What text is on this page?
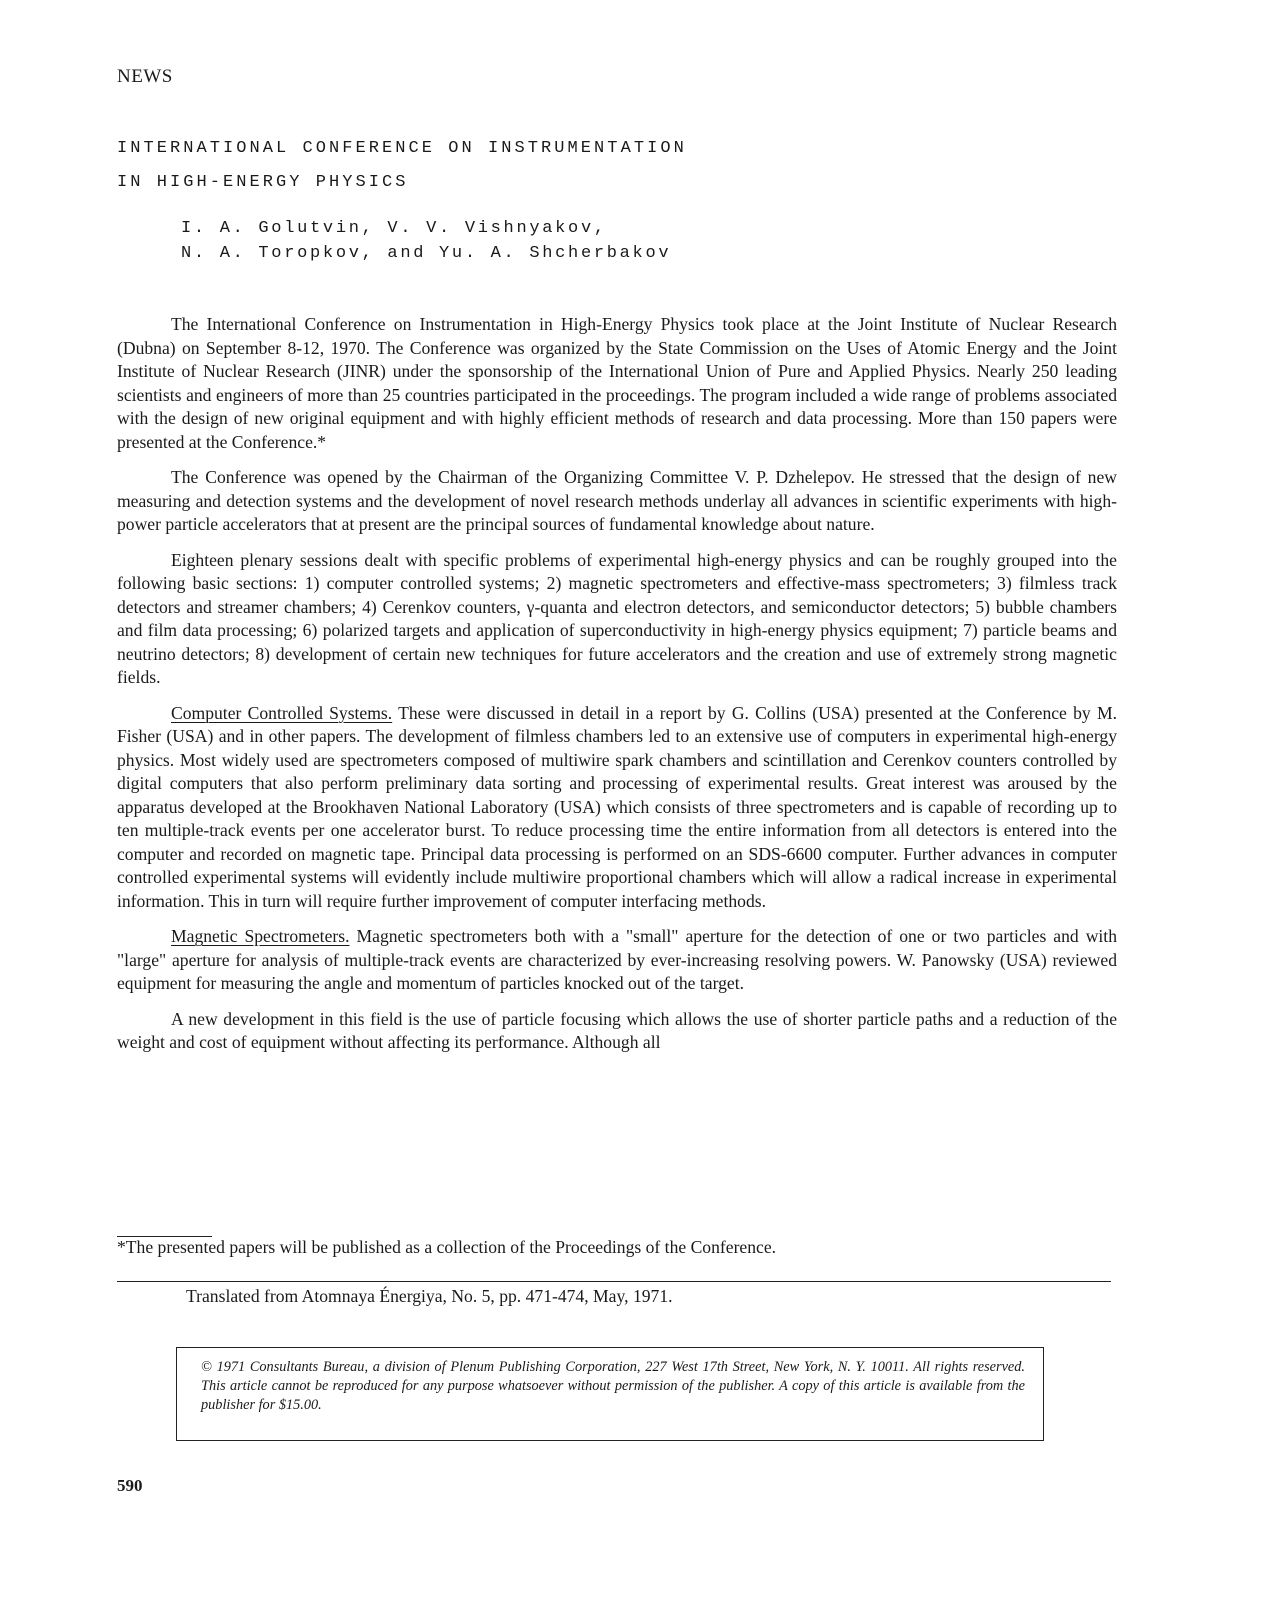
NEWS
INTERNATIONAL CONFERENCE ON INSTRUMENTATION
IN HIGH-ENERGY PHYSICS
I. A. Golutvin, V. V. Vishnyakov,
N. A. Toropkov, and Yu. A. Shcherbakov

The International Conference on Instrumentation in High-Energy Physics took place at the Joint Institute of Nuclear Research (Dubna) on September 8-12, 1970. The Conference was organized by the State Commission on the Uses of Atomic Energy and the Joint Institute of Nuclear Research (JINR) under the sponsorship of the International Union of Pure and Applied Physics. Nearly 250 leading scientists and engineers of more than 25 countries participated in the proceedings. The program included a wide range of problems associated with the design of new original equipment and with highly efficient methods of research and data processing. More than 150 papers were presented at the Conference.*

The Conference was opened by the Chairman of the Organizing Committee V. P. Dzhelepov. He stressed that the design of new measuring and detection systems and the development of novel research methods underlay all advances in scientific experiments with high-power particle accelerators that at present are the principal sources of fundamental knowledge about nature.

Eighteen plenary sessions dealt with specific problems of experimental high-energy physics and can be roughly grouped into the following basic sections: 1) computer controlled systems; 2) magnetic spectrometers and effective-mass spectrometers; 3) filmless track detectors and streamer chambers; 4) Cerenkov counters, γ-quanta and electron detectors, and semiconductor detectors; 5) bubble chambers and film data processing; 6) polarized targets and application of superconductivity in high-energy physics equipment; 7) particle beams and neutrino detectors; 8) development of certain new techniques for future accelerators and the creation and use of extremely strong magnetic fields.

Computer Controlled Systems. These were discussed in detail in a report by G. Collins (USA) presented at the Conference by M. Fisher (USA) and in other papers. The development of filmless chambers led to an extensive use of computers in experimental high-energy physics. Most widely used are spectrometers composed of multiwire spark chambers and scintillation and Cerenkov counters controlled by digital computers that also perform preliminary data sorting and processing of experimental results. Great interest was aroused by the apparatus developed at the Brookhaven National Laboratory (USA) which consists of three spectrometers and is capable of recording up to ten multiple-track events per one accelerator burst. To reduce processing time the entire information from all detectors is entered into the computer and recorded on magnetic tape. Principal data processing is performed on an SDS-6600 computer. Further advances in computer controlled experimental systems will evidently include multiwire proportional chambers which will allow a radical increase in experimental information. This in turn will require further improvement of computer interfacing methods.

Magnetic Spectrometers. Magnetic spectrometers both with a "small" aperture for the detection of one or two particles and with "large" aperture for analysis of multiple-track events are characterized by ever-increasing resolving powers. W. Panowsky (USA) reviewed equipment for measuring the angle and momentum of particles knocked out of the target.

A new development in this field is the use of particle focusing which allows the use of shorter particle paths and a reduction of the weight and cost of equipment without affecting its performance. Although all

*The presented papers will be published as a collection of the Proceedings of the Conference.
Translated from Atomnaya Énergiya, No. 5, pp. 471-474, May, 1971.
© 1971 Consultants Bureau, a division of Plenum Publishing Corporation, 227 West 17th Street, New York, N. Y. 10011. All rights reserved. This article cannot be reproduced for any purpose whatsoever without permission of the publisher. A copy of this article is available from the publisher for $15.00.
590
